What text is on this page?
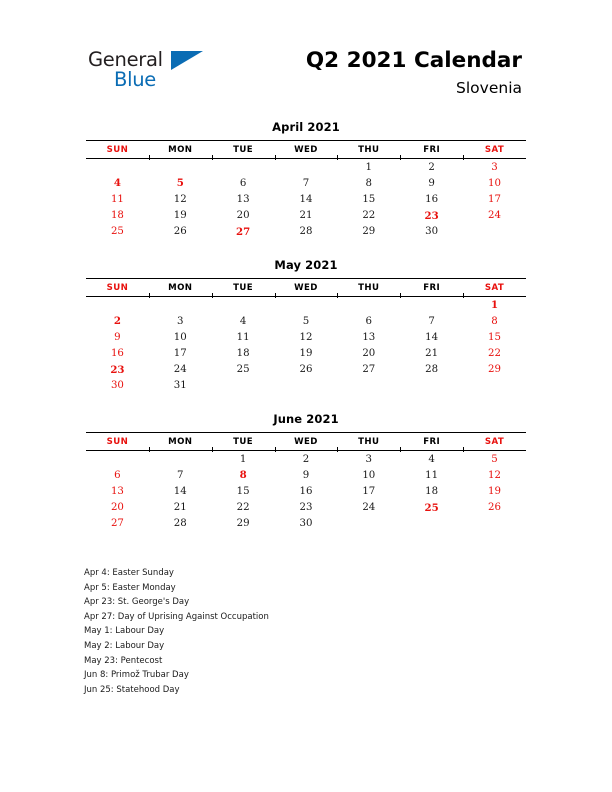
General
Blue
Q2 2021 Calendar
Slovenia
April 2021
SUN	MON	TUE	WED	THU	FRI	SAT
				1	2	3
4	5	6	7	8	9	10
11	12	13	14	15	16	17
18	19	20	21	22	23	24
25	26	27	28	29	30	
May 2021
SUN	MON	TUE	WED	THU	FRI	SAT
						1
2	3	4	5	6	7	8
9	10	11	12	13	14	15
16	17	18	19	20	21	22
23	24	25	26	27	28	29
30	31					
June 2021
SUN	MON	TUE	WED	THU	FRI	SAT
		1	2	3	4	5
6	7	8	9	10	11	12
13	14	15	16	17	18	19
20	21	22	23	24	25	26
27	28	29	30			
Apr 4: Easter Sunday
Apr 5: Easter Monday
Apr 23: St. George's Day
Apr 27: Day of Uprising Against Occupation
May 1: Labour Day
May 2: Labour Day
May 23: Pentecost
Jun 8: Primož Trubar Day
Jun 25: Statehood Day
